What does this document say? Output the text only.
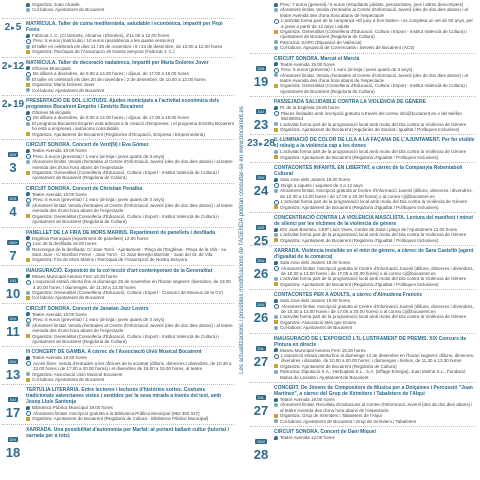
Organitza: Joan Alcaide
Col·labora: Ajuntament de Bocairent
2 ▸ 5 MATRÍCULA. Taller de cuina mediterrània, saludable i econòmica, impartit per Pepi Forés
Fabricat J. C. (C/ Dimarts, Almarxa i Elvirales), d'11.00 a 12.00 hores
Preu: 5 euros (matrícula) / 10 euros (assistència a les quatre sessions)
El taller es celebrarà els dies 11 i 25 de novembre i 8 i 23 de desembre, de 10.00 a 12.00 hores
Organitza: Parròquia de l'Assumpció de Nostra Senyora (Fabricat J. C.)
2 ▸ 12 MATRÍCULA. Taller de decoració nadalenca, impartit per María Dolores Jover
Oficines Municipals
De dilluns a divendres, de 9.00 a 14.00 hores; i dijous, de 17.00 a 19.00 hores
El taller es celebrarà els dies 20 de novembre i 2 de desembre, de 10.00 a 12.00 hores
Organitza: María Dolores Jover
Col·labora: Ajuntament de Bocairent
2 ▸ 19 PRESENTACIÓ DE SOL·LICITUDS. Ajudes municipals a l'activitat econòmica dels programes Bocairent Emprèn i Emèrits Bocairent
Oficines Municipals
De dilluns a divendres, de 9.00 a 14.00 hores; i dijous, de 17.00 a 19.00 hores
El programa Bocairent Emprèn està adreçat a la creació d'empreses; i el programa Emèrits Bocairent ho està a empreses i autònoms consolidats
Organitza: Ajuntament de Bocairent (Regidories d'Ocupació, Empresa i Emprenedoria)
DIV
3
CIRCUIT SONORA. Concert de Verd(N) i Eva Gómez
Teatre Avenida 19.00 hores
Preu: 5 euros (preventa) / 1 euro (al·lotja i joves quarts de 3 anys)
Aforament limitat. Venda d'entrades al Centre d'Informació Juvenil (des de dos dies abans) i al teatre Avenida des d'una hora abans de l'espectacle
Organitza: Generalitat (Conselleria d'Educació, Cultura i Esport - Institut Valencià de Cultura) i Ajuntament de Bocairent (Regidoria de Cultura)
DIS
4
CIRCUIT SONORA. Concert de Christian Penalba
Teatre Avenida 19.00 hores
Preu: 5 euros (preventa) / 1 euro (al·lotja i joves quarts de 3 anys)
Aforament limitat. Venda d'entrades al Centre d'Informació Juvenil (des de dos dies abans) i al teatre Avenida des d'una hora abans de l'espectacle
Organitza: Generalitat (Conselleria d'Educació, Cultura i Esport - Institut Valencià de Cultura) i Ajuntament de Bocairent (Regidoria de Cultura)
DIM
7
PANELLET DE LA FIRA DE MORS MARINS. Repartiment de panellets i desfilada
Església Parroquial (repartiment de panellets) 12.00 hores
Lloc de la desfilada 18.00 hores
Recorregut de la desfilada: C/ Joan Torró - Ajuntament - Plaça de l'Esglèsia - Plaça de la Vila - Av. Sant Joan - C/ Bonifaci Ferrer - Joan Torró - C/ Joan Benejto Barrisèr - Joan del St. de Vila
Organitza: Fira de Mors Marins i Parròquia de l'Assumpció de Nostra Senyora
DIJ
10
INAUGURACIÓ. Exposició de la col·lecció d'art contemporani de la Generalitat
Museu Municipal Antonio Ferri 19.30 hores
L'exposició estarà oberta fins al diumenge 26 de novembre en l'horari següent: divendres, de 19.00 a 20.00 hores; i diumenges, de 11.30 a 13.30 hores
Organitza: Generalitat (Conselleria d'Educació, Cultura i Esport - Consorci de Museus de la CV)
Col·labora: Ajuntament de Bocairent
DIV
11
CIRCUIT SONORA. Concert de Janatan Jazz Lovers
Teatre Avenida 19.00 hores
Preu: 5 euros (preventa) / 1 euro (al·lotja i joves quarts de 3 anys)
Aforament limitat. Venda d'entrades al Centre d'Informació Juvenil (des de dos dies abans) i al teatre Avenida des d'una hora abans de l'espectacle
Organitza: Generalitat (Conselleria d'Educació, Cultura i Esport - Institut Valencià de Cultura) i Ajuntament de Bocairent (Regidoria de Cultura)
DIU
13
III CONCERT DE GAMBA. A càrrec de l'Associació Unió Musical Bocairent
Teatre Avenida 19.00 hores
Accés lliure. Venda d'entrades a les oficines de la societat (dilluns, dimecres i divendres, de 10.30 a 13.00 hores i de 17.00 a 20.00 hores) i el divendres de 16.00 a 19.00 hores, al teatre
Organitza: Associació Unió Musical Bocairent
Col·labora: Ajuntament de Bocairent
DIJ
17
TERTÚLIA LITERÀRIA. Entre lectores i lectures d'històries sortes. Costums tradicionals valencianes vistes i sentides per la seva mirada a través del text, amb Josep Lluís Santonja
Biblioteca Pública Municipal 19.00 hores
Aforament limitat. Inscripció gratuïta a la Biblioteca Pública Municipal (962 350 027)
Organitza: Ajuntament de Bocairent (Regidoria de Cultura - Biblioteca Pública Municipal)
DIV
18
XARRADA. Una possibilitat d'autonomia per Marfat: al portant ballant cultur (tutorial i xarrada per a tots)
Les actualitzacions i possibles modificacions de l'AGENDA podran consultar-se en www.bocairent.es
Preu: 7 euros (general) / 6 euros (estudiants jubilats, pensionistes, jove i altres descomptes)
Aforament limitat. Venda d'entrades al Centre d'Informació Juvenil (des de dos dies abans) i al teatre Avenida des d'una hora abans de l'espectacle
L'activitat forma part de la campanya «El juny a bon teatre» i es completa un vet de 50 anys, per a joves a partir de 12 anys i adults
Organitza: Generalitat (Conselleria d'Educació, Cultura i Esport - Institut Valencià de Cultura) i Ajuntament de Bocairent (Regidoria de Cultura)
Patrocina: SARC (Diputació de València)
Col·labora: Agrupació de Comerciants i Serveis de Bocairent (ACS)
DIS
19
CIRCUIT SONORA. Marcat el Marcià
Teatre Avenida 19.00 hores
Preu: 5 euros (preventa) / 1 euro (al·lotja i joves quarts de 3 anys)
Aforament limitat. Venda d'entrades al Centre d'Informació Juvenil (des de dos dies abans) i al teatre Avenida des d'una hora abans de l'espectacle
Organitza: Generalitat (Conselleria d'Educació, Cultura i Esport - Institut Valencià de Cultura) i Ajuntament de Bocairent (Regidoria de Cultura)
DIJ
23
PASSEJADA SALUDABLE CONTRA LA VIOLÈNCIA DE GÈNERE
Pl. de la Església 19.00 hores
Places limitades amb inscripció gratuïta a través del correu info@bocairent.es o del telèfon 962350014
L'activitat forma part de la programació local amb motiu del Dia contra la Violència de Gènere
Organitza: Ajuntament de Bocairent (regidories de Sanitat i Igualtat / Polítiques Inclusives)
23 ▸ 28 IL·LUMINACIÓ DE COLOR DE LILA A LA FAÇANA DE L'AJUNTAMENT. Per fer visible el rebuig a la violència cap a les dones
L'activitat forma part de la programació local amb motiu del Dia contra la Violència de Gènere
Organitza: Ajuntament de Bocairent (Regidoria d'Igualtat / Polítiques Inclusives)
DIV
24
CONTACONTES INFANTIL EN LIBERTAT, a càrrec de la Companyia Rebentaboli Cultural
Sala Jove dels Joanes 18.00 hores
Dirigit a xiquets i xiquetes de 3 a 12 anys
Aforament limitat. Inscripció gratuïta al Centre d'Informació Juvenil (dilluns, dimecres i divendres, de 10.30 a 13.00 hores i de 17.00 a 20.00 hores) o al correu cij@bocairent.es
L'activitat forma part de la programació local amb motiu del Dia contra la Violència de Gènere
Organitza: Ajuntament de Bocairent (Regidoria d'Igualtat / Polítiques Inclusives)
DIS
25
CONCENTRACIÓ CONTRA LA VIOLÈNCIA MASCLISTA. Lectura del manifest i minut de silenci per les víctimes de la violència de gènere
IES Joan Bosmeu, CEIP Lluís Vives, Centre de Salut i plaça de l'Ajuntament 12.00 hores
L'activitat forma part de la programació local amb motiu del Dia contra la Violència de Gènere
Organitza: Ajuntament de Bocairent (Regidoria d'Igualtat / Polítiques Inclusives)
DIU
26
XARRADA. Violència invisible en el món de gènere, a càrrec de Sara Castelló (agent d'igualtat de la comarca)
Sala Jove dels Joanes 18.00 hores
Aforament limitat. Inscripció gratuïta al Centre d'Informació Juvenil (dilluns, dimecres i divendres, de 10.30 a 13.00 hores i de 17.00 a 20.00 hores) o al correu cij@bocairent.es
L'activitat forma part de la programació local amb motiu del Dia contra la Violència de Gènere
Organitza: Ajuntament de Bocairent (Regidoria d'Igualtat / Polítiques Inclusives)
DIU
26
CONTACONTES PER A ADULTS, a càrrec d'Almudena Francés
Sala Jove dels Joanes 19.00 hores
Aforament limitat. Inscripció gratuïta al Centre d'Informació Juvenil (dilluns, dimecres i divendres, de 10.30 a 13.00 hores i de 17.00 a 20.00 hores) o al correu cij@bocairent.es
L'activitat forma part de la programació local amb motiu del Dia contra la Violència de Gènere
Organitza: Associació Més que Dones
Col·labora: Ajuntament de Bocairent
DIL
27
INAUGURACIÓ DE L'EXPOSICIÓ L'IL·LUSTRAMENT DE PREMIS. XIX Concurs de Pintura en directe
Museu Municipal Antonio Ferri 19.30 hores
L'exposició estarà oberta fins al diumenge 12 de desembre en l'horari següent: dilluns, dimecres, divendres i dissabte, de 10.00 a 20.00 hores; i diumenges i festius, de 11.30 a 13.30 hores
Organitza: Ajuntament de Bocairent (Regidoria de Cultura)
Patrocina: Diputació S.A., Herboplast S.L., S.A. (Effage Energia), Juan Molina S.L., Fundació Mutua de Levante i Ajuntament de Bocairent
DIL
27
CONCERT. De Jóvens de Compositors de Música per a Dolçaines i Percussió "Joan Martínez", a càrrec del Grup de Xirimiters i Tabaleters de l'Alqui
Teatre Avenida 19.00 hores
Aforament limitat. Recollida d'invitacions al Centre d'Informació Juvenil (des de dos dies abans) i al teatre Avenida des d'una hora abans de l'espectacle
Organitza: Grup de Xirimiters i Tabaleters de l'Alqui
Col·labora: Ajuntament de Bocairent i Grup de Xirimiters i Tabaleters
DIM
28
CIRCUIT SONORA. Concert de Dani Miquel
Teatre Avenida 12.00 hores
